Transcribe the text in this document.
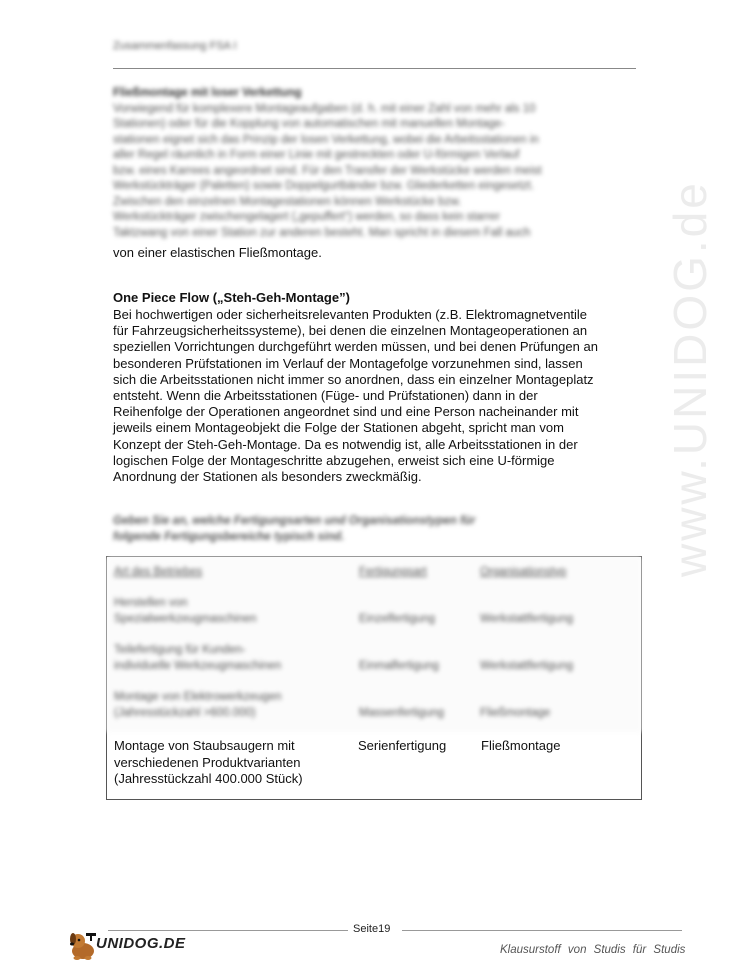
Zusammenfassung FSA I
Fließmontage mit loser Verkettung
Vorwiegend für komplexere Montageaufgaben (d. h. mit einer Zahl von mehr als 10
Stationen) oder für die Kopplung von automatischen mit manuellen Montage-
stationen eignet sich das Prinzip der losen Verkettung, wobei die Arbeitsstationen in
aller Regel räumlich in Form einer Linie mit gestreckten oder U-förmigen Verlauf
bzw. eines Karrees angeordnet sind. Für den Transfer der Werkstücke werden meist
Werkstückträger (Paletten) sowie Doppelgurtbänder bzw. Gliederketten eingesetzt.
Zwischen den einzelnen Montagestationen können Werkstücke bzw.
Werkstückträger zwischengelagert („gepuffert“) werden, so dass kein starrer
Taktzwang von einer Station zur anderen besteht. Man spricht in diesem Fall auch
von einer elastischen Fließmontage.
One Piece Flow („Steh-Geh-Montage”)
Bei hochwertigen oder sicherheitsrelevanten Produkten (z.B. Elektromagnetventile
für Fahrzeugsicherheitssysteme), bei denen die einzelnen Montageoperationen an
speziellen Vorrichtungen durchgeführt werden müssen, und bei denen Prüfungen an
besonderen Prüfstationen im Verlauf der Montagefolge vorzunehmen sind, lassen
sich die Arbeitsstationen nicht immer so anordnen, dass ein einzelner Montageplatz
entsteht. Wenn die Arbeitsstationen (Füge- und Prüfstationen) dann in der
Reihenfolge der Operationen angeordnet sind und eine Person nacheinander mit
jeweils einem Montageobjekt die Folge der Stationen abgeht, spricht man vom
Konzept der Steh-Geh-Montage. Da es notwendig ist, alle Arbeitsstationen in der
logischen Folge der Montageschritte abzugehen, erweist sich eine U-förmige
Anordnung der Stationen als besonders zweckmäßig.
Geben Sie an, welche Fertigungsarten und Organisationstypen für
folgende Fertigungsbereiche typisch sind.
Art des Betriebes	Fertigungsart	Organisationstyp
Herstellen von
Spezialwerkzeugmaschinen	Einzelfertigung	Werkstattfertigung
Teilefertigung für Kunden-
individuelle Werkzeugmaschinen	Einmalfertigung	Werkstattfertigung
Montage von Elektrowerkzeugen
(Jahresstückzahl >600.000)	Massenfertigung	Fließmontage
Montage von Staubsaugern mit
verschiedenen Produktvarianten
(Jahresstückzahl 400.000 Stück)
Serienfertigung	Fließmontage
www.UNIDOG.de
Seite19
UNIDOG.DE	Klausurstoff von Studis für Studis
